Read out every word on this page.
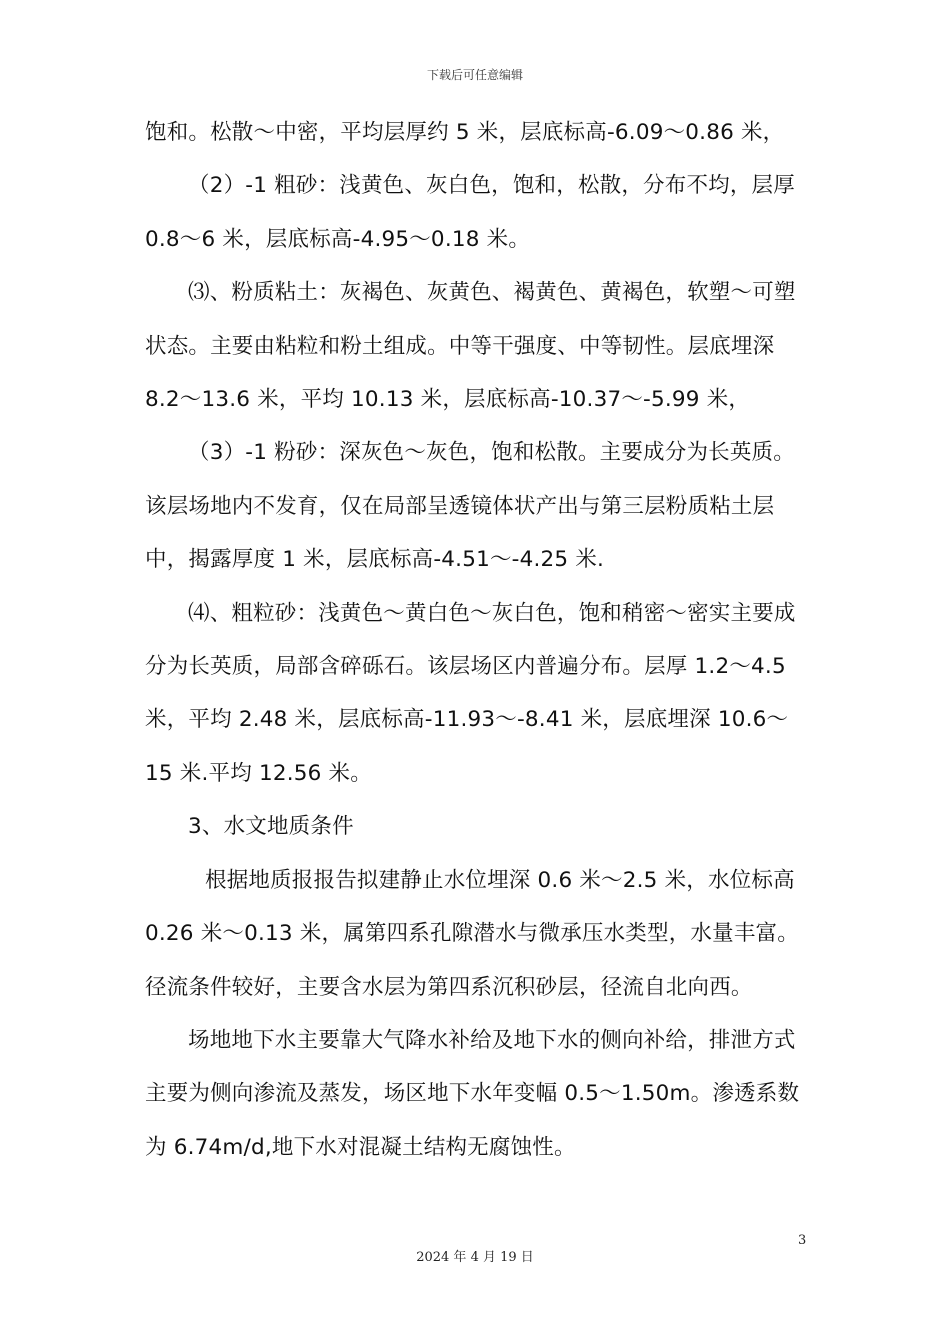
下载后可任意编辑

饱和。松散～中密，平均层厚约 5 米，层底标高-6.09～0.86 米，

（2）-1 粗砂：浅黄色、灰白色，饱和，松散，分布不均，层厚 0.8～6 米，层底标高-4.95～0.18 米。

⑶、粉质粘土：灰褐色、灰黄色、褐黄色、黄褐色，软塑～可塑状态。主要由粘粒和粉土组成。中等干强度、中等韧性。层底埋深 8.2～13.6 米，平均 10.13 米，层底标高-10.37～-5.99 米，

（3）-1 粉砂：深灰色～灰色，饱和松散。主要成分为长英质。该层场地内不发育，仅在局部呈透镜体状产出与第三层粉质粘土层中，揭露厚度 1 米，层底标高-4.51～-4.25 米.

⑷、粗粒砂：浅黄色～黄白色～灰白色，饱和稍密～密实主要成分为长英质，局部含碎砾石。该层场区内普遍分布。层厚 1.2～4.5 米，平均 2.48 米，层底标高-11.93～-8.41 米，层底埋深 10.6～15 米.平均 12.56 米。

3、水文地质条件

根据地质报报告拟建静止水位埋深 0.6 米～2.5 米，水位标高 0.26 米～0.13 米，属第四系孔隙潜水与微承压水类型，水量丰富。径流条件较好，主要含水层为第四系沉积砂层，径流自北向西。

场地地下水主要靠大气降水补给及地下水的侧向补给，排泄方式主要为侧向渗流及蒸发，场区地下水年变幅 0.5～1.50m。渗透系数为 6.74m/d,地下水对混凝土结构无腐蚀性。

3
2024 年 4 月 19 日
